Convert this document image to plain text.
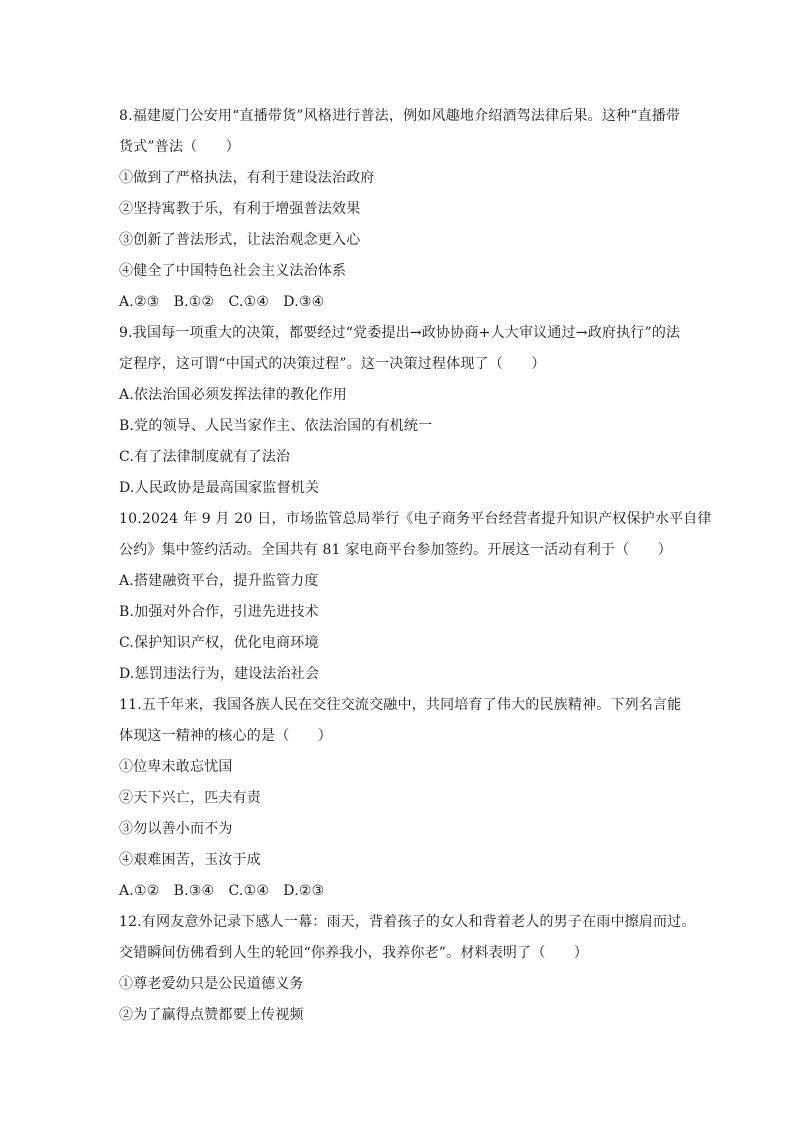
8.福建厦门公安用“直播带货”风格进行普法，例如风趣地介绍酒驾法律后果。这种“直播带
货式”普法（　　）
①做到了严格执法，有利于建设法治政府
②坚持寓教于乐，有利于增强普法效果
③创新了普法形式，让法治观念更入心
④健全了中国特色社会主义法治体系
A.②③　B.①②　C.①④　D.③④
9.我国每一项重大的决策，都要经过“党委提出→政协协商+人大审议通过→政府执行”的法
定程序，这可谓“中国式的决策过程”。这一决策过程体现了（　　）
A.依法治国必须发挥法律的教化作用
B.党的领导、人民当家作主、依法治国的有机统一
C.有了法律制度就有了法治
D.人民政协是最高国家监督机关
10.2024 年 9 月 20 日，市场监管总局举行《电子商务平台经营者提升知识产权保护水平自律
公约》集中签约活动。全国共有 81 家电商平台参加签约。开展这一活动有利于（　　）
A.搭建融资平台，提升监管力度
B.加强对外合作，引进先进技术
C.保护知识产权，优化电商环境
D.惩罚违法行为，建设法治社会
11.五千年来，我国各族人民在交往交流交融中，共同培育了伟大的民族精神。下列名言能
体现这一精神的核心的是（　　）
①位卑未敢忘忧国
②天下兴亡，匹夫有责
③勿以善小而不为
④艰难困苦，玉汝于成
A.①②　B.③④　C.①④　D.②③
12.有网友意外记录下感人一幕：雨天，背着孩子的女人和背着老人的男子在雨中擦肩而过。
交错瞬间仿佛看到人生的轮回“你养我小，我养你老”。材料表明了（　　）
①尊老爱幼只是公民道德义务
②为了赢得点赞都要上传视频
